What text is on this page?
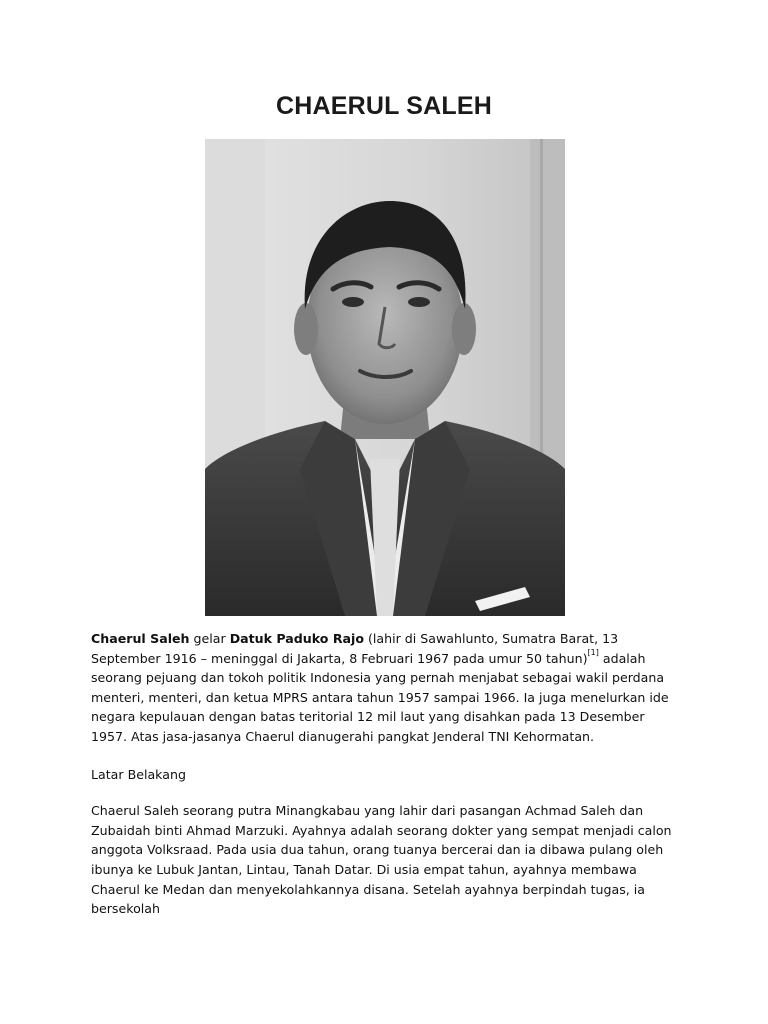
CHAERUL SALEH

Chaerul Saleh gelar Datuk Paduko Rajo (lahir di Sawahlunto, Sumatra Barat, 13 September 1916 – meninggal di Jakarta, 8 Februari 1967 pada umur 50 tahun)[1] adalah seorang pejuang dan tokoh politik Indonesia yang pernah menjabat sebagai wakil perdana menteri, menteri, dan ketua MPRS antara tahun 1957 sampai 1966. Ia juga menelurkan ide negara kepulauan dengan batas teritorial 12 mil laut yang disahkan pada 13 Desember 1957. Atas jasa-jasanya Chaerul dianugerahi pangkat Jenderal TNI Kehormatan.

Latar Belakang

Chaerul Saleh seorang putra Minangkabau yang lahir dari pasangan Achmad Saleh dan Zubaidah binti Ahmad Marzuki. Ayahnya adalah seorang dokter yang sempat menjadi calon anggota Volksraad. Pada usia dua tahun, orang tuanya bercerai dan ia dibawa pulang oleh ibunya ke Lubuk Jantan, Lintau, Tanah Datar. Di usia empat tahun, ayahnya membawa Chaerul ke Medan dan menyekolahkannya disana. Setelah ayahnya berpindah tugas, ia bersekolah
